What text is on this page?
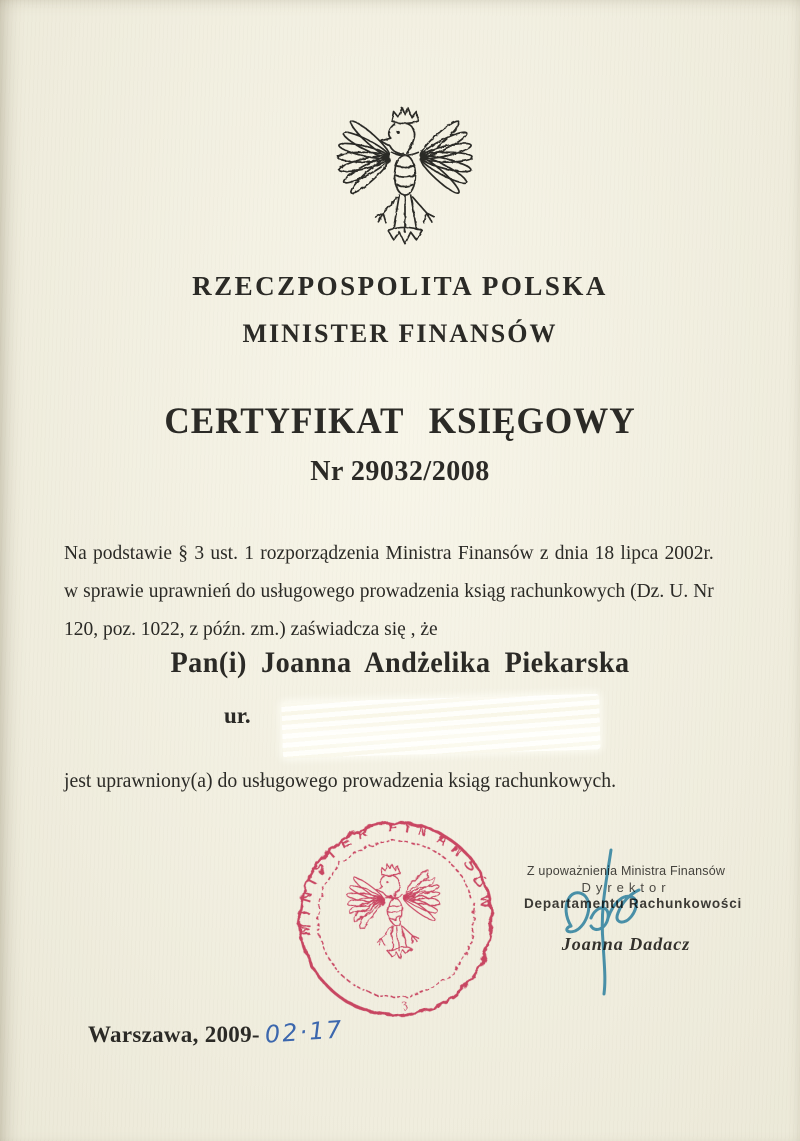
RZECZPOSPOLITA POLSKA
MINISTER FINANSÓW
CERTYFIKAT KSIĘGOWY
Nr 29032/2008
Na podstawie § 3 ust. 1 rozporządzenia Ministra Finansów z dnia 18 lipca 2002r. w sprawie uprawnień do usługowego prowadzenia ksiąg rachunkowych (Dz. U. Nr 120, poz. 1022, z późn. zm.) zaświadcza się , że
Pan(i) Joanna Andżelika Piekarska
ur.
jest uprawniony(a) do usługowego prowadzenia ksiąg rachunkowych.
MINISTER FINANSÓW
3
Z upoważnienia Ministra Finansów
Dyrektor
Departamentu Rachunkowości
Joanna Dadacz
Warszawa, 2009- 02·17
